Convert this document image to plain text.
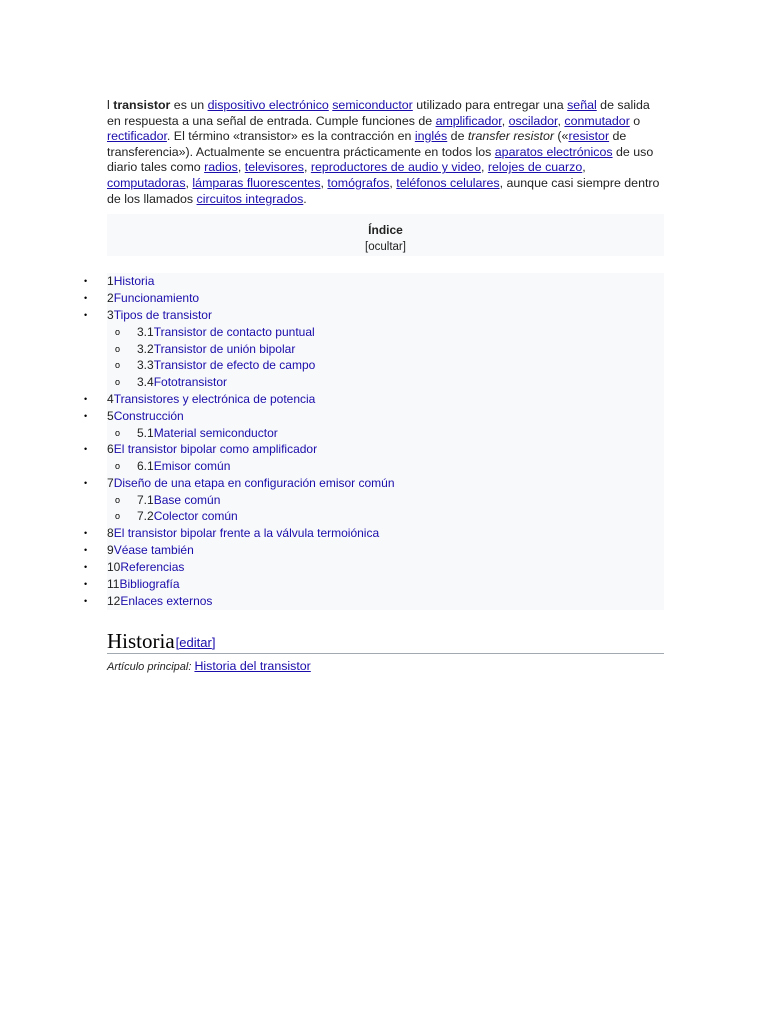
l transistor es un dispositivo electrónico semiconductor utilizado para entregar una señal de salida en respuesta a una señal de entrada. Cumple funciones de amplificador, oscilador, conmutador o rectificador. El término «transistor» es la contracción en inglés de transfer resistor («resistor de transferencia»). Actualmente se encuentra prácticamente en todos los aparatos electrónicos de uso diario tales como radios, televisores, reproductores de audio y video, relojes de cuarzo, computadoras, lámparas fluorescentes, tomógrafos, teléfonos celulares, aunque casi siempre dentro de los llamados circuitos integrados.

Índice
[ocultar]
• 1Historia
• 2Funcionamiento
• 3Tipos de transistor
o 3.1Transistor de contacto puntual
o 3.2Transistor de unión bipolar
o 3.3Transistor de efecto de campo
o 3.4Fototransistor
• 4Transistores y electrónica de potencia
• 5Construcción
o 5.1Material semiconductor
• 6El transistor bipolar como amplificador
o 6.1Emisor común
• 7Diseño de una etapa en configuración emisor común
o 7.1Base común
o 7.2Colector común
• 8El transistor bipolar frente a la válvula termoiónica
• 9Véase también
• 10Referencias
• 11Bibliografía
• 12Enlaces externos
Historia [editar]
Artículo principal: Historia del transistor
